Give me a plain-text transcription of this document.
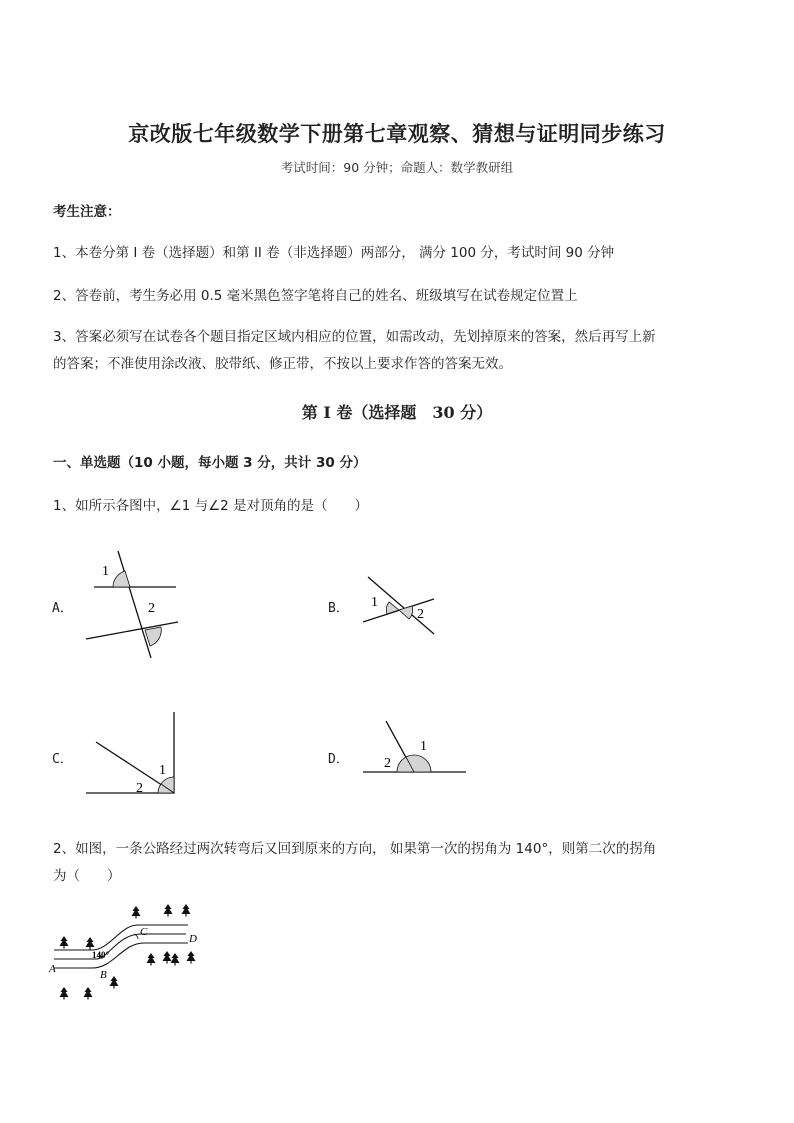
京改版七年级数学下册第七章观察、猜想与证明同步练习
考试时间：90 分钟；命题人：数学教研组
考生注意：
1、本卷分第 I 卷（选择题）和第 II 卷（非选择题）两部分， 满分 100 分，考试时间 90 分钟
2、答卷前，考生务必用 0.5 毫米黑色签字笔将自己的姓名、班级填写在试卷规定位置上
3、答案必须写在试卷各个题目指定区域内相应的位置，如需改动，先划掉原来的答案，然后再写上新
的答案；不准使用涂改液、胶带纸、修正带，不按以上要求作答的答案无效。
第 I 卷（选择题　30 分）
一、单选题（10 小题，每小题 3 分，共计 30 分）
1、如所示各图中，∠1 与∠2 是对顶角的是（　　）
A．
1
2	B． 1
2
C．
1
2
D．
1
2
2、如图，一条公路经过两次转弯后又回到原来的方向， 如果第一次的拐角为 140°，则第二次的拐角
为（　　）
140°
A	B
C
D
